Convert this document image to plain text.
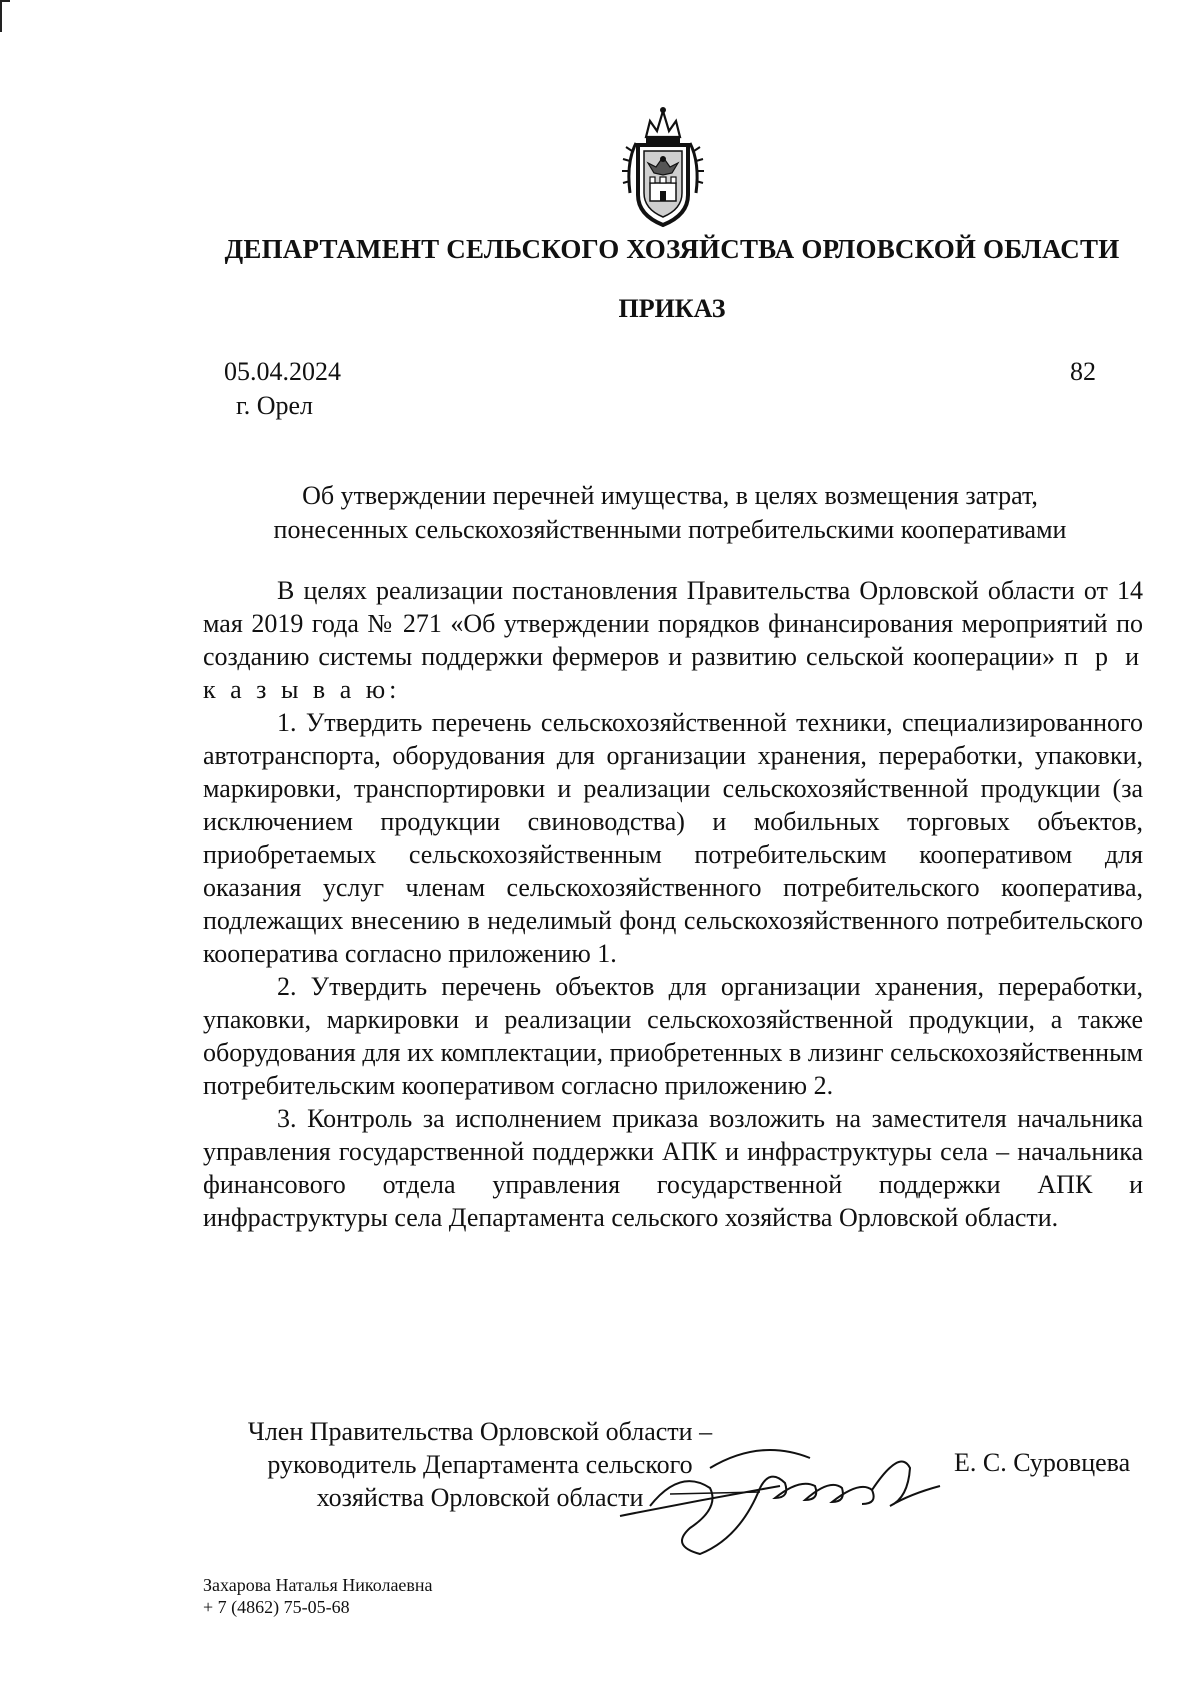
ДЕПАРТАМЕНТ СЕЛЬСКОГО ХОЗЯЙСТВА ОРЛОВСКОЙ ОБЛАСТИ
ПРИКАЗ
05.04.2024	82
г. Орел
Об утверждении перечней имущества, в целях возмещения затрат,
понесенных сельскохозяйственными потребительскими кооперативами

В целях реализации постановления Правительства Орловской области от 14 мая 2019 года № 271 «Об утверждении порядков финансирования мероприятий по созданию системы поддержки фермеров и развитию сельской кооперации» п р и к а з ы в а ю:

1. Утвердить перечень сельскохозяйственной техники, специализированного автотранспорта, оборудования для организации хранения, переработки, упаковки, маркировки, транспортировки и реализации сельскохозяйственной продукции (за исключением продукции свиноводства) и мобильных торговых объектов, приобретаемых сельскохозяйственным потребительским кооперативом для оказания услуг членам сельскохозяйственного потребительского кооператива, подлежащих внесению в неделимый фонд сельскохозяйственного потребительского кооператива согласно приложению 1.

2. Утвердить перечень объектов для организации хранения, переработки, упаковки, маркировки и реализации сельскохозяйственной продукции, а также оборудования для их комплектации, приобретенных в лизинг сельскохозяйственным потребительским кооперативом согласно приложению 2.

3. Контроль за исполнением приказа возложить на заместителя начальника управления государственной поддержки АПК и инфраструктуры села – начальника финансового отдела управления государственной поддержки АПК и инфраструктуры села Департамента сельского хозяйства Орловской области.

Член Правительства Орловской области –
руководитель Департамента сельского
хозяйства Орловской области
Е. С. Суровцева
Захарова Наталья Николаевна
+ 7 (4862) 75-05-68
